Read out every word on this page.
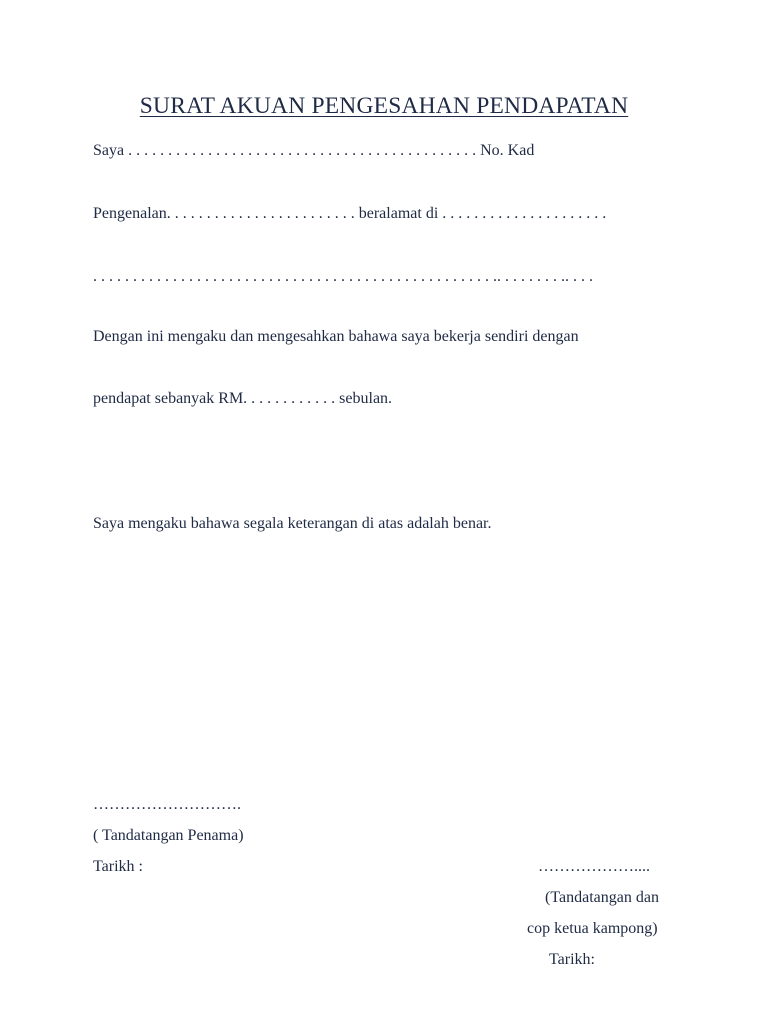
SURAT AKUAN PENGESAHAN PENDAPATAN
Saya . . . . . . . . . . . . . . . . . . . . . . . . . . . . . . . . . . . . . . . . . . . . No. Kad
Pengenalan. . . . . . . . . . . . . . . . . . . . . . . . beralamat di . . . . . . . . . . . . . . . . . . . . .
. . . . . . . . . . . . . . . . . . . . . . . . . . . . . . . . . . . . . . . . . . . . . . . . . . .. . . . . . . . .. . . .
Dengan ini mengaku dan mengesahkan bahawa saya bekerja sendiri dengan
pendapat sebanyak RM. . . . . . . . . . . . sebulan.
Saya mengaku bahawa segala keterangan di atas adalah benar.
……………………….
( Tandatangan Penama)
Tarikh :	………………....
(Tandatangan dan
cop ketua kampong)
Tarikh:
